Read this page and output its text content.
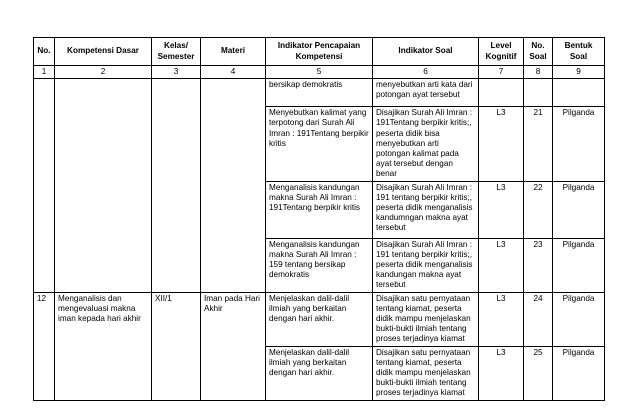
No.	Kompetensi Dasar	Kelas/ Semester	Materi	Indikator Pencapaian Kompetensi	Indikator Soal	Level Kognitif	No. Soal	Bentuk Soal
1	2	3	4	5	6	7	8	9
				bersikap demokratis	menyebutkan arti kata dari potongan ayat tersebut			
				Menyebutkan kalimat yang terpotong dari Surah Ali Imran : 191Tentang berpikir kritis	Disajikan Surah Ali Imran : 191Tentang berpikir kritis;, peserta didik bisa menyebutkan arti potongan kalimat pada ayat tersebut dengan benar	L3	21	Pilganda
				Menganalisis kandungan makna Surah Ali Imran : 191Tentang berpikir kritis	Disajikan Surah Ali Imran : 191 tentang berpikir kritis;, peserta didik menganalisis kandumngan makna ayat tersebut	L3	22	Pilganda
				Menganalisis kandungan makna Surah Ali Imran : 159 tentang bersikap demokratis	Disajikan Surah Ali Imran : 191 tentang berpikir kritis;, peserta didik menganalisis kandungan makna ayat tersebut	L3	23	Pilganda
12	Menganalisis dan mengevaluasi makna iman kepada hari akhir	XII/1	Iman pada Hari Akhir	Menjelaskan dalil-dalil ilmiah yang berkaitan dengan hari akhir.	Disajikan satu pernyataan tentang kiamat, peserta didik mampu menjelaskan bukti-bukti ilmiah tentang proses terjadinya kiamat	L3	24	Pilganda
				Menjelaskan dalil-dalil ilmiah yang berkaitan dengan hari akhir.	Disajikan satu pernyataan tentang kiamat, peserta didik mampu menjelaskan bukti-bukti ilmiah tentang proses terjadinya kiamat	L3	25	Pilganda
